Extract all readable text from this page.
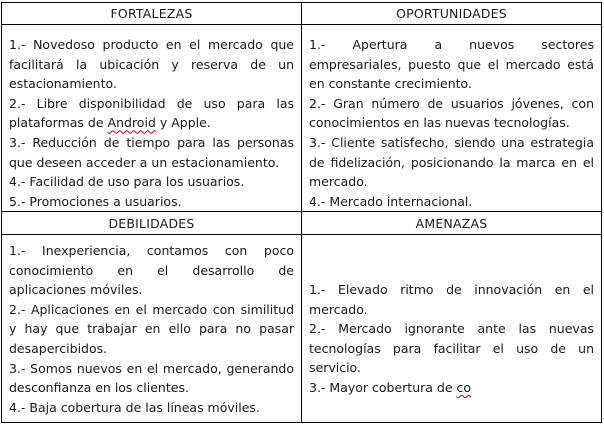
FORTALEZAS	OPORTUNIDADES
DEBILIDADES	AMENAZAS
1.- Novedoso producto en el mercado que facilitará la ubicación y reserva de un estacionamiento.
2.- Libre disponibilidad de uso para las plataformas de Android y Apple.
3.- Reducción de tiempo para las personas que deseen acceder a un estacionamiento.
4.- Facilidad de uso para los usuarios.
5.- Promociones a usuarios.
1.- Apertura a nuevos sectores empresariales, puesto que el mercado está en constante crecimiento.
2.- Gran número de usuarios jóvenes, con conocimientos en las nuevas tecnologías.
3.- Cliente satisfecho, siendo una estrategia de fidelización, posicionando la marca en el mercado.
4.- Mercado internacional.
1.- Inexperiencia, contamos con poco conocimiento en el desarrollo de aplicaciones móviles.
2.- Aplicaciones en el mercado con similitud y hay que trabajar en ello para no pasar desapercibidos.
3.- Somos nuevos en el mercado, generando desconfianza en los clientes.
4.- Baja cobertura de las líneas móviles.
1.- Elevado ritmo de innovación en el mercado.
2.- Mercado ignorante ante las nuevas tecnologías para facilitar el uso de un servicio.
3.- Mayor cobertura de co
